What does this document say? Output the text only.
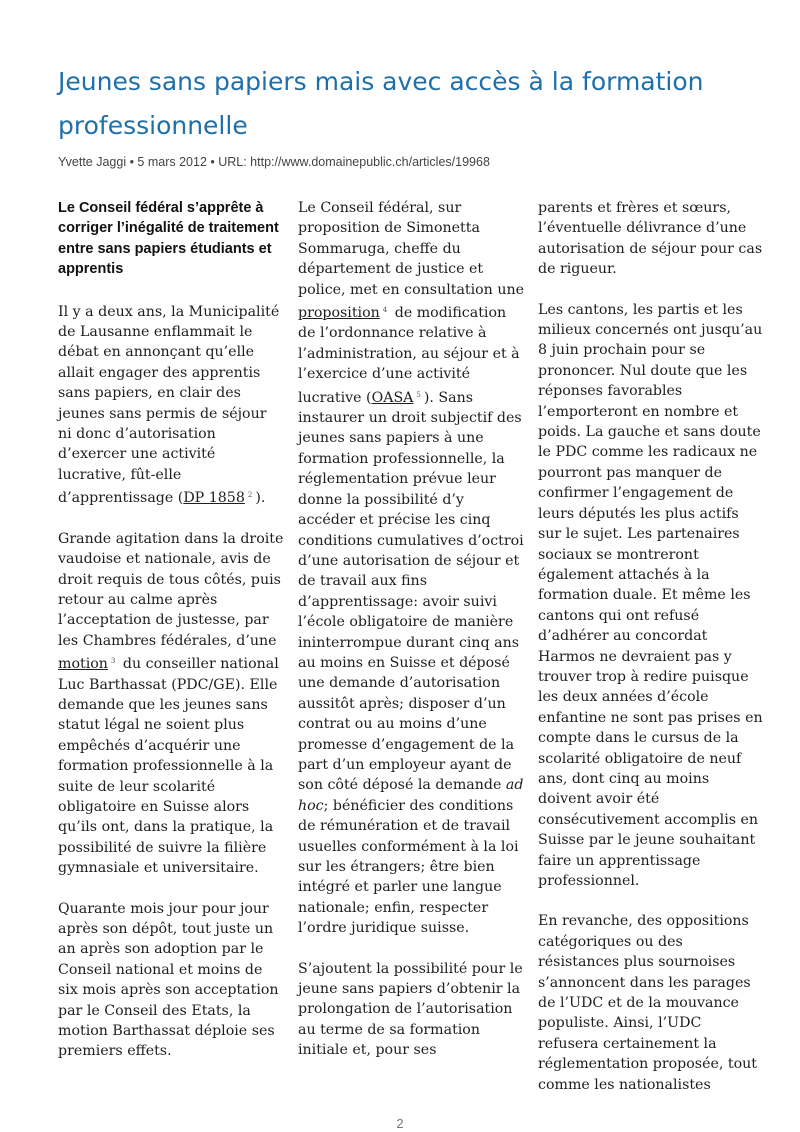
Jeunes sans papiers mais avec accès à la formation professionnelle
Yvette Jaggi • 5 mars 2012 • URL: http://www.domainepublic.ch/articles/19968
Le Conseil fédéral s’apprête à corriger l’inégalité de traitement entre sans papiers étudiants et apprentis

Il y a deux ans, la Municipalité de Lausanne enflammait le débat en annonçant qu’elle allait engager des apprentis sans papiers, en clair des jeunes sans permis de séjour ni donc d’autorisation d’exercer une activité lucrative, fût-elle d’apprentissage (DP 1858 $^2$ ).

Grande agitation dans la droite vaudoise et nationale, avis de droit requis de tous côtés, puis retour au calme après l’acceptation de justesse, par les Chambres fédérales, d’une motion $^3$ du conseiller national Luc Barthassat (PDC/GE). Elle demande que les jeunes sans statut légal ne soient plus empêchés d’acquérir une formation professionnelle à la suite de leur scolarité obligatoire en Suisse alors qu’ils ont, dans la pratique, la possibilité de suivre la filière gymnasiale et universitaire.

Quarante mois jour pour jour après son dépôt, tout juste un an après son adoption par le Conseil national et moins de six mois après son acceptation par le Conseil des Etats, la motion Barthassat déploie ses premiers effets.

Le Conseil fédéral, sur proposition de Simonetta Sommaruga, cheffe du département de justice et police, met en consultation une proposition $^4$ de modification de l’ordonnance relative à l’administration, au séjour et à l’exercice d’une activité lucrative (OASA $^5$ ). Sans instaurer un droit subjectif des jeunes sans papiers à une formation professionnelle, la réglementation prévue leur donne la possibilité d’y accéder et précise les cinq conditions cumulatives d’octroi d’une autorisation de séjour et de travail aux fins d’apprentissage: avoir suivi l’école obligatoire de manière ininterrompue durant cinq ans au moins en Suisse et déposé une demande d’autorisation aussitôt après; disposer d’un contrat ou au moins d’une promesse d’engagement de la part d’un employeur ayant de son côté déposé la demande ad hoc; bénéficier des conditions de rémunération et de travail usuelles conformément à la loi sur les étrangers; être bien intégré et parler une langue nationale; enfin, respecter l’ordre juridique suisse.

S’ajoutent la possibilité pour le jeune sans papiers d’obtenir la prolongation de l’autorisation au terme de sa formation initiale et, pour ses

parents et frères et sœurs, l’éventuelle délivrance d’une autorisation de séjour pour cas de rigueur.

Les cantons, les partis et les milieux concernés ont jusqu’au 8 juin prochain pour se prononcer. Nul doute que les réponses favorables l’emporteront en nombre et poids. La gauche et sans doute le PDC comme les radicaux ne pourront pas manquer de confirmer l’engagement de leurs députés les plus actifs sur le sujet. Les partenaires sociaux se montreront également attachés à la formation duale. Et même les cantons qui ont refusé d’adhérer au concordat Harmos ne devraient pas y trouver trop à redire puisque les deux années d’école enfantine ne sont pas prises en compte dans le cursus de la scolarité obligatoire de neuf ans, dont cinq au moins doivent avoir été consécutivement accomplis en Suisse par le jeune souhaitant faire un apprentissage professionnel.

En revanche, des oppositions catégoriques ou des résistances plus sournoises s’annoncent dans les parages de l’UDC et de la mouvance populiste. Ainsi, l’UDC refusera certainement la réglementation proposée, tout comme les nationalistes

2
